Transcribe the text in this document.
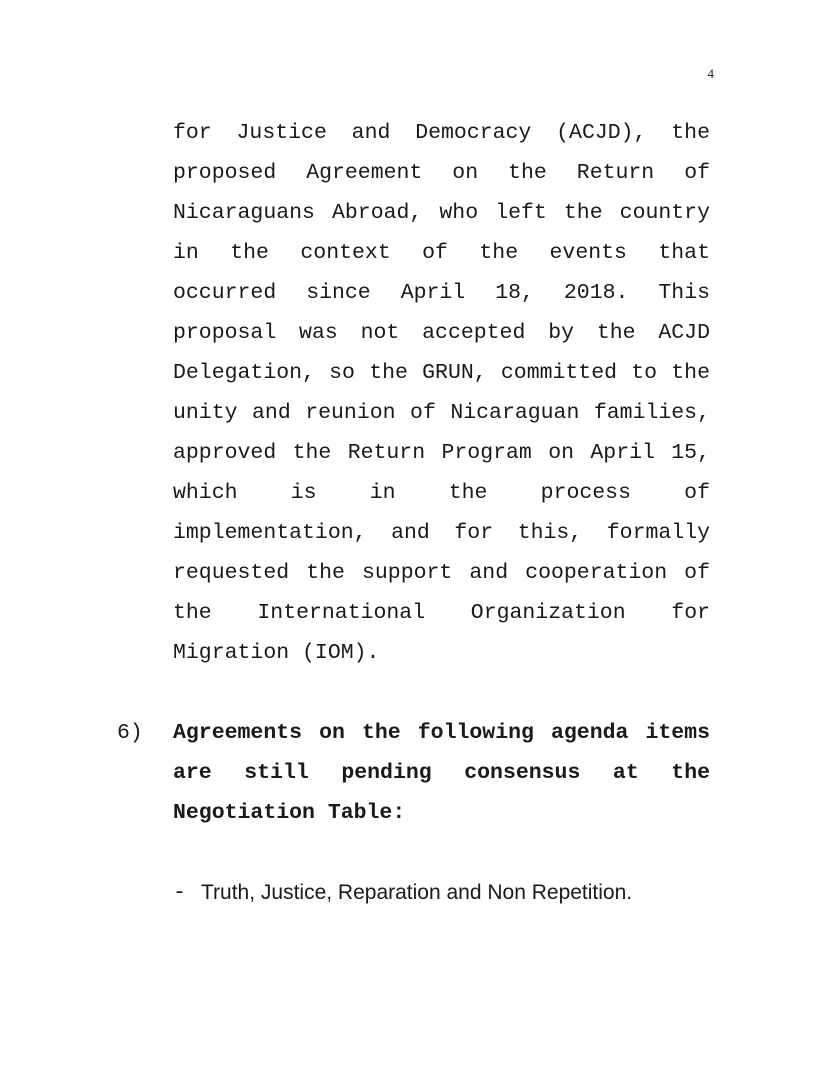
4

for Justice and Democracy (ACJD), the proposed Agreement on the Return of Nicaraguans Abroad, who left the country in the context of the events that occurred since April 18, 2018. This proposal was not accepted by the ACJD Delegation, so the GRUN, committed to the unity and reunion of Nicaraguan families, approved the Return Program on April 15, which is in the process of implementation, and for this, formally requested the support and cooperation of the International Organization for Migration (IOM).

6) Agreements on the following agenda items are still pending consensus at the Negotiation Table:

- Truth, Justice, Reparation and Non Repetition.
